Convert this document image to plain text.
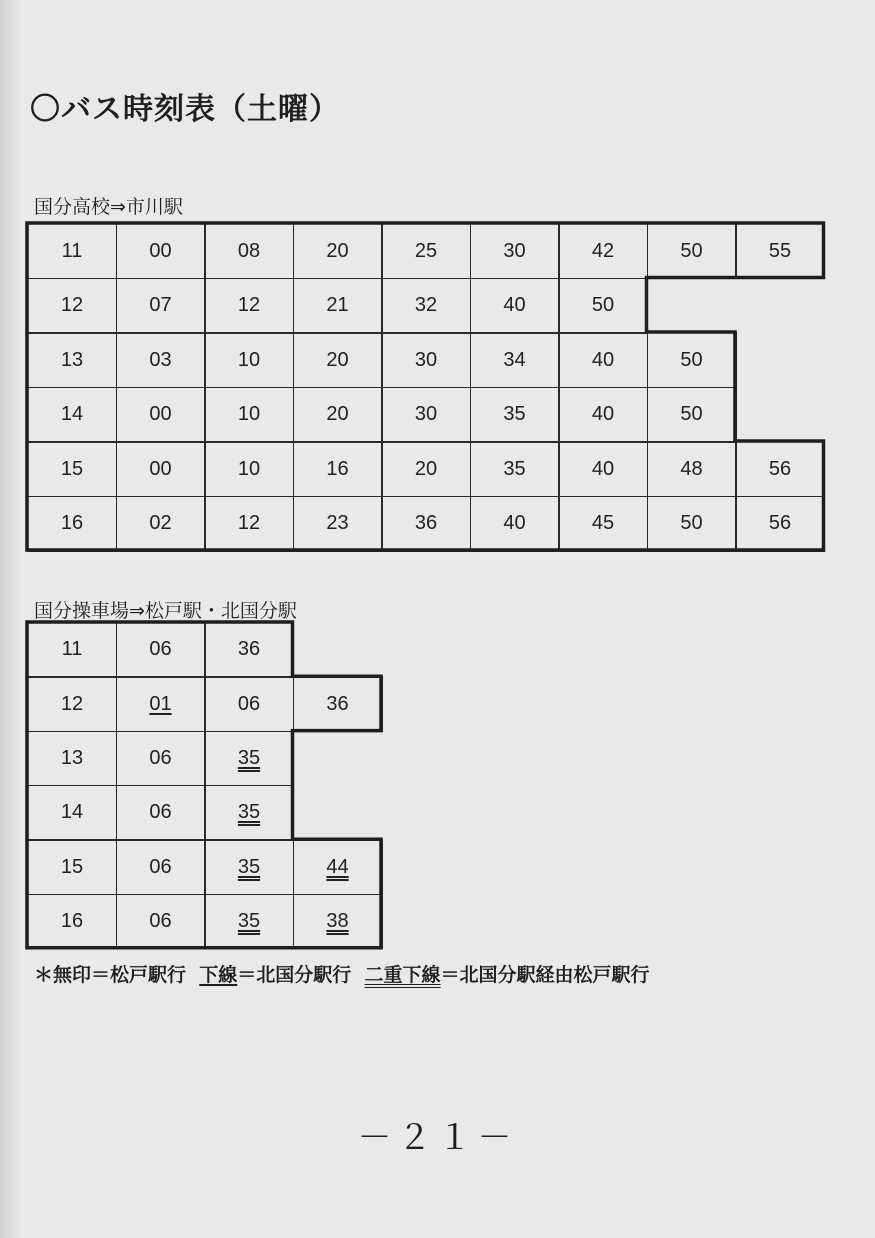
〇バス時刻表（土曜）
国分高校⇒市川駅
11	00	08	20	25	30	42	50	55
12	07	12	21	32	40	50
13	03	10	20	30	34	40	50
14	00	10	20	30	35	40	50
15	00	10	16	20	35	40	48	56
16	02	12	23	36	40	45	50	56
国分操車場⇒松戸駅・北国分駅
11	06	36
12	01	06	36
13	06	35
14	06	35
15	06	35	44
16	06	35	38
＊無印＝松戸駅行 下線＝北国分駅行 二重下線＝北国分駅経由松戸駅行
－２１－
